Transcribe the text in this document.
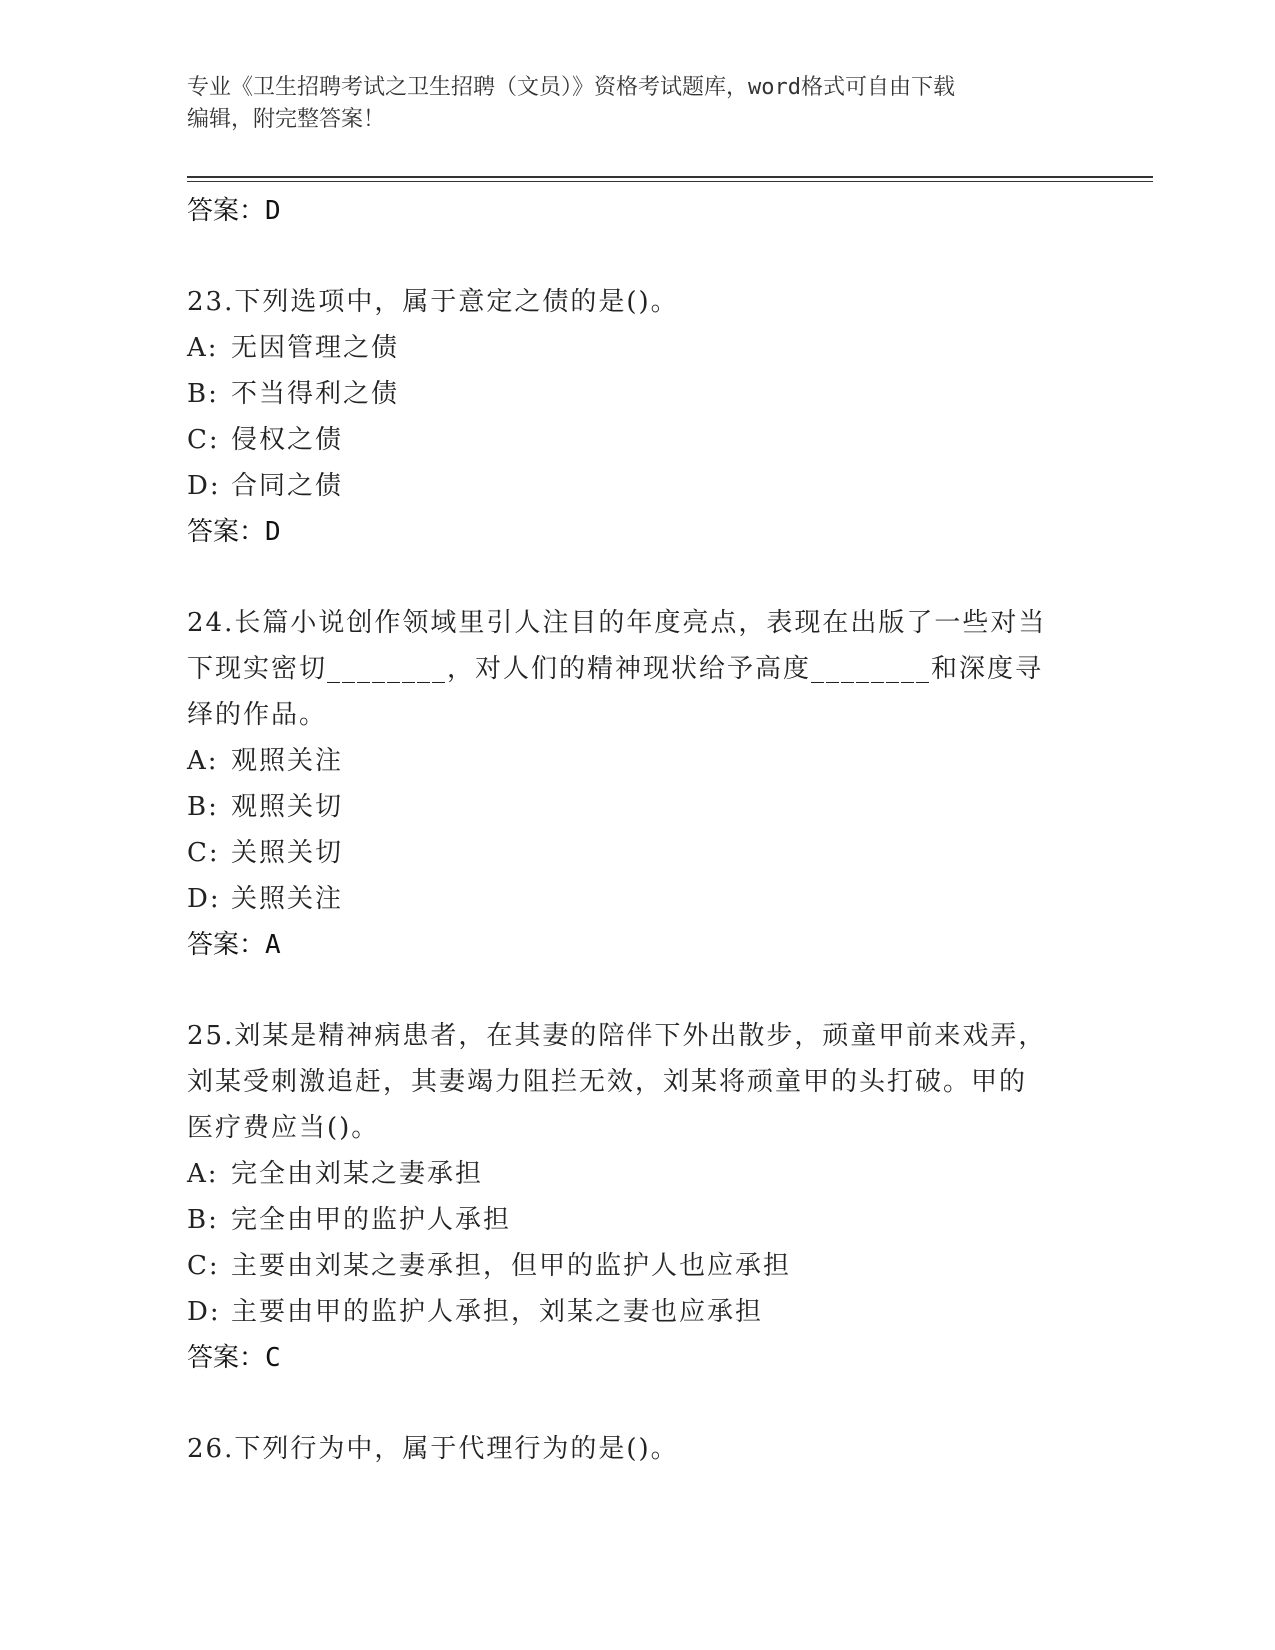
专业《卫生招聘考试之卫生招聘（文员）》资格考试题库，word格式可自由下载
编辑，附完整答案！
答案：D
23.下列选项中，属于意定之债的是()。
A: 无因管理之债
B: 不当得利之债
C: 侵权之债
D: 合同之债
答案：D
24.长篇小说创作领域里引人注目的年度亮点，表现在出版了一些对当
下现实密切________，对人们的精神现状给予高度________和深度寻
绎的作品。
A: 观照关注
B: 观照关切
C: 关照关切
D: 关照关注
答案：A
25.刘某是精神病患者，在其妻的陪伴下外出散步，顽童甲前来戏弄，
刘某受刺激追赶，其妻竭力阻拦无效，刘某将顽童甲的头打破。甲的
医疗费应当()。
A: 完全由刘某之妻承担
B: 完全由甲的监护人承担
C: 主要由刘某之妻承担，但甲的监护人也应承担
D: 主要由甲的监护人承担，刘某之妻也应承担
答案：C
26.下列行为中，属于代理行为的是()。
